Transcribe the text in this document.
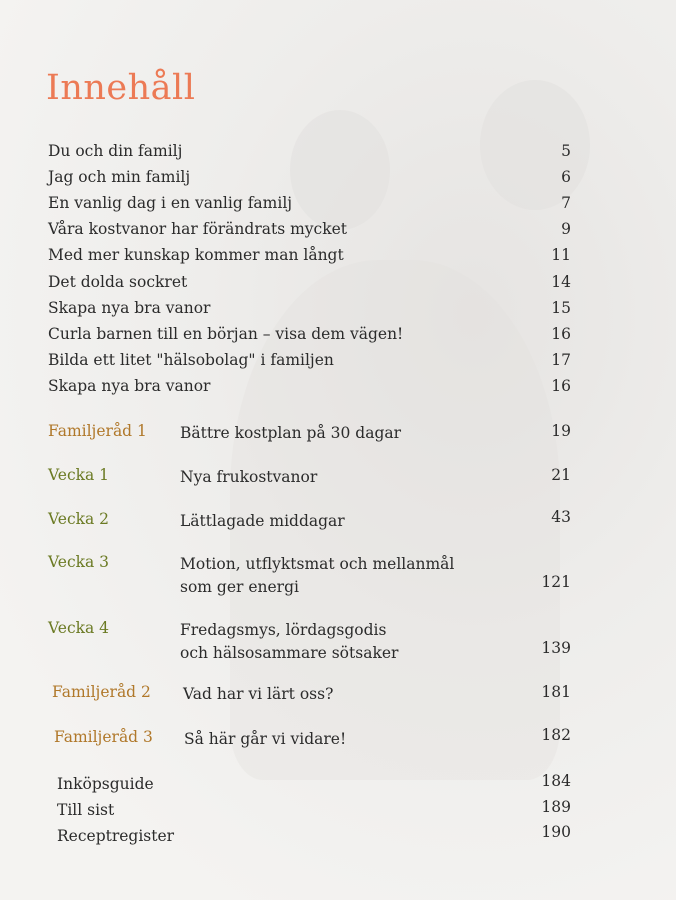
Innehåll
Du och din familj	5
Jag och min familj	6
En vanlig dag i en vanlig familj	7
Våra kostvanor har förändrats mycket	9
Med mer kunskap kommer man långt	11
Det dolda sockret	14
Skapa nya bra vanor	15
Curla barnen till en början – visa dem vägen!	16
Bilda ett litet "hälsobolag" i familjen	17
Skapa nya bra vanor	16
Familjeråd 1 Bättre kostplan på 30 dagar	19
Vecka 1	Nya frukostvanor	21
Vecka 2	Lättlagade middagar	43
Vecka 3	Motion, utflyktsmat och mellanmål
som ger energi	121
Vecka 4	Fredagsmys, lördagsgodis
och hälsosammare sötsaker	139
Familjeråd 2 Vad har vi lärt oss?	181
Familjeråd 3 Så här går vi vidare!	182
Inköpsguide	184
Till sist	189
Receptregister	190
